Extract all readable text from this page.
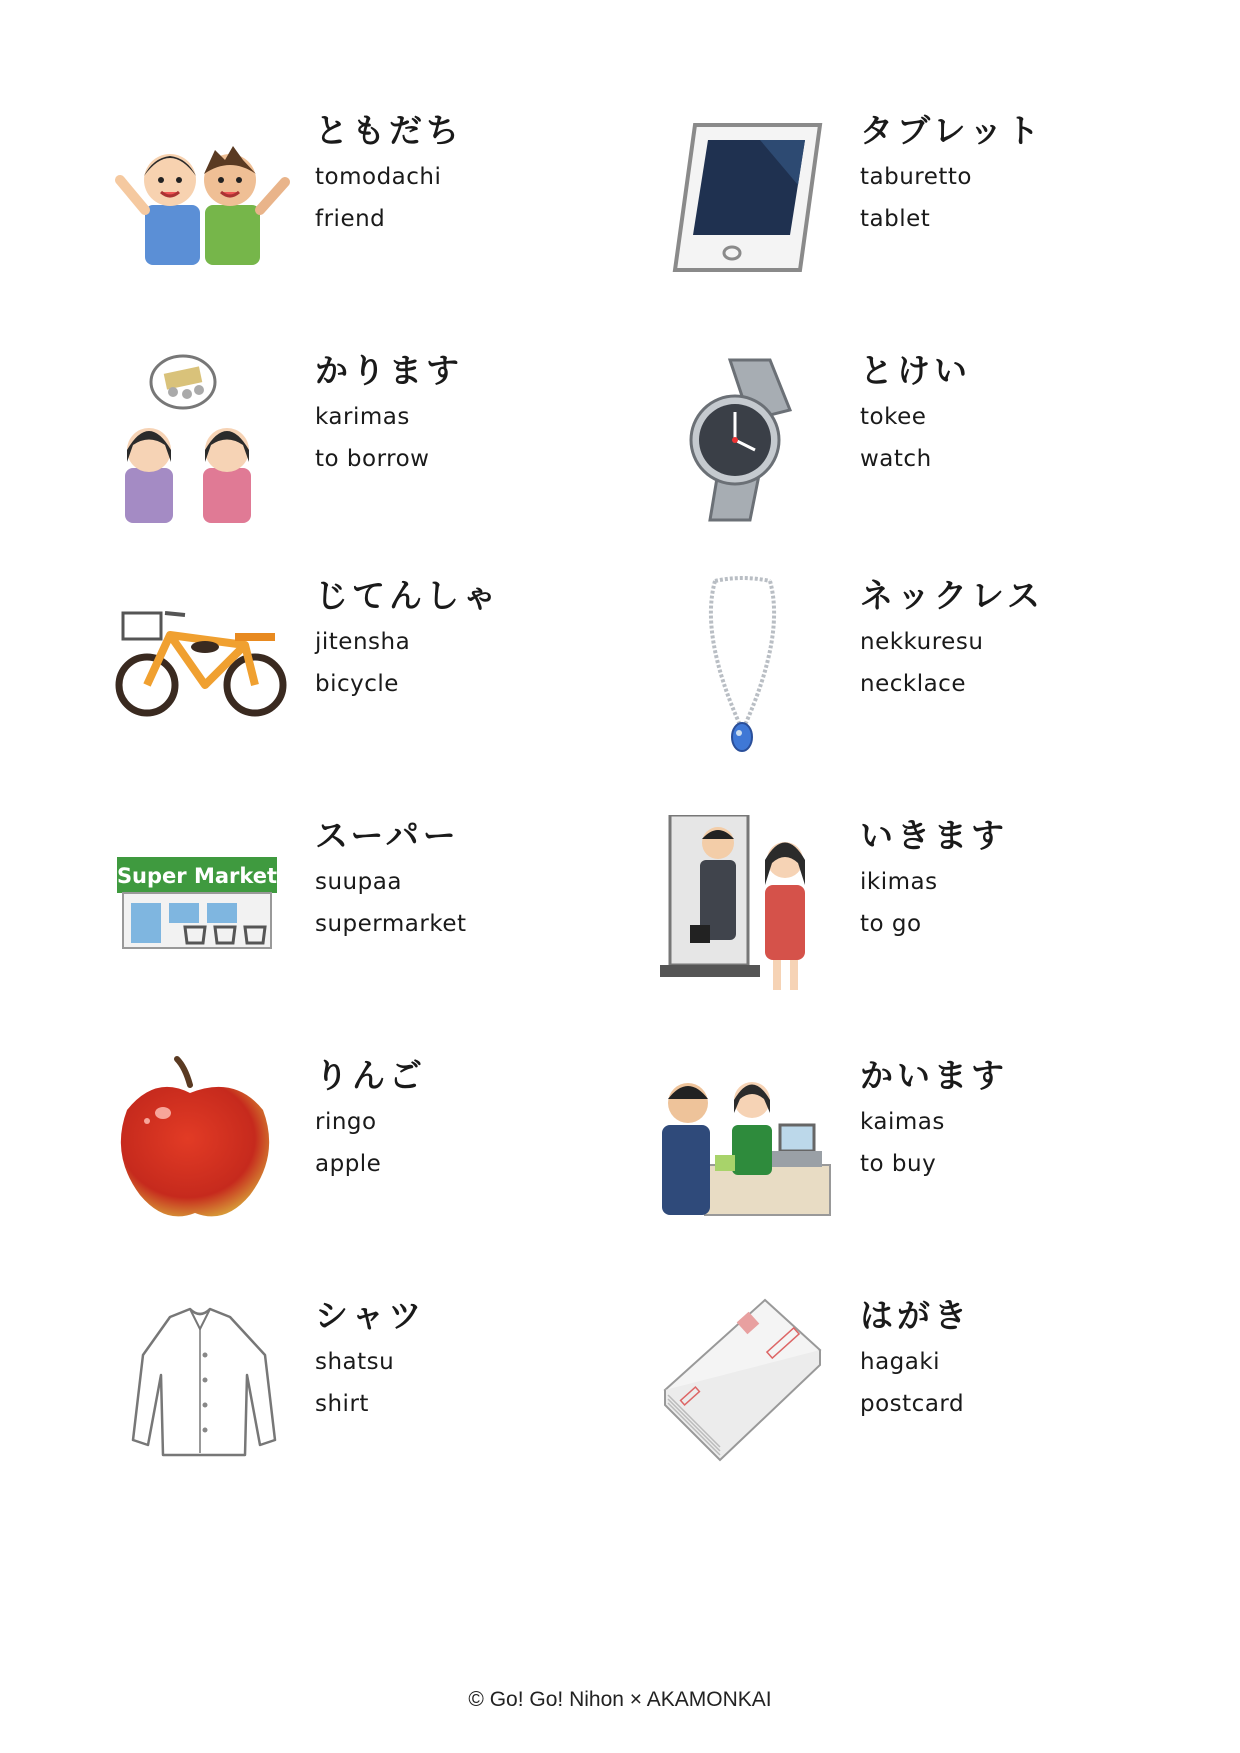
ともだち
tomodachi
friend
タブレット
taburetto
tablet
かります
karimas
to borrow
とけい
tokee
watch
じてんしゃ
jitensha
bicycle
ネックレス
nekkuresu
necklace
Super Market
スーパー
suupaa
supermarket
いきます
ikimas
to go
りんご
ringo
apple
かいます
kaimas
to buy
シャツ
shatsu
shirt
はがき
hagaki
postcard
© Go! Go! Nihon × AKAMONKAI
